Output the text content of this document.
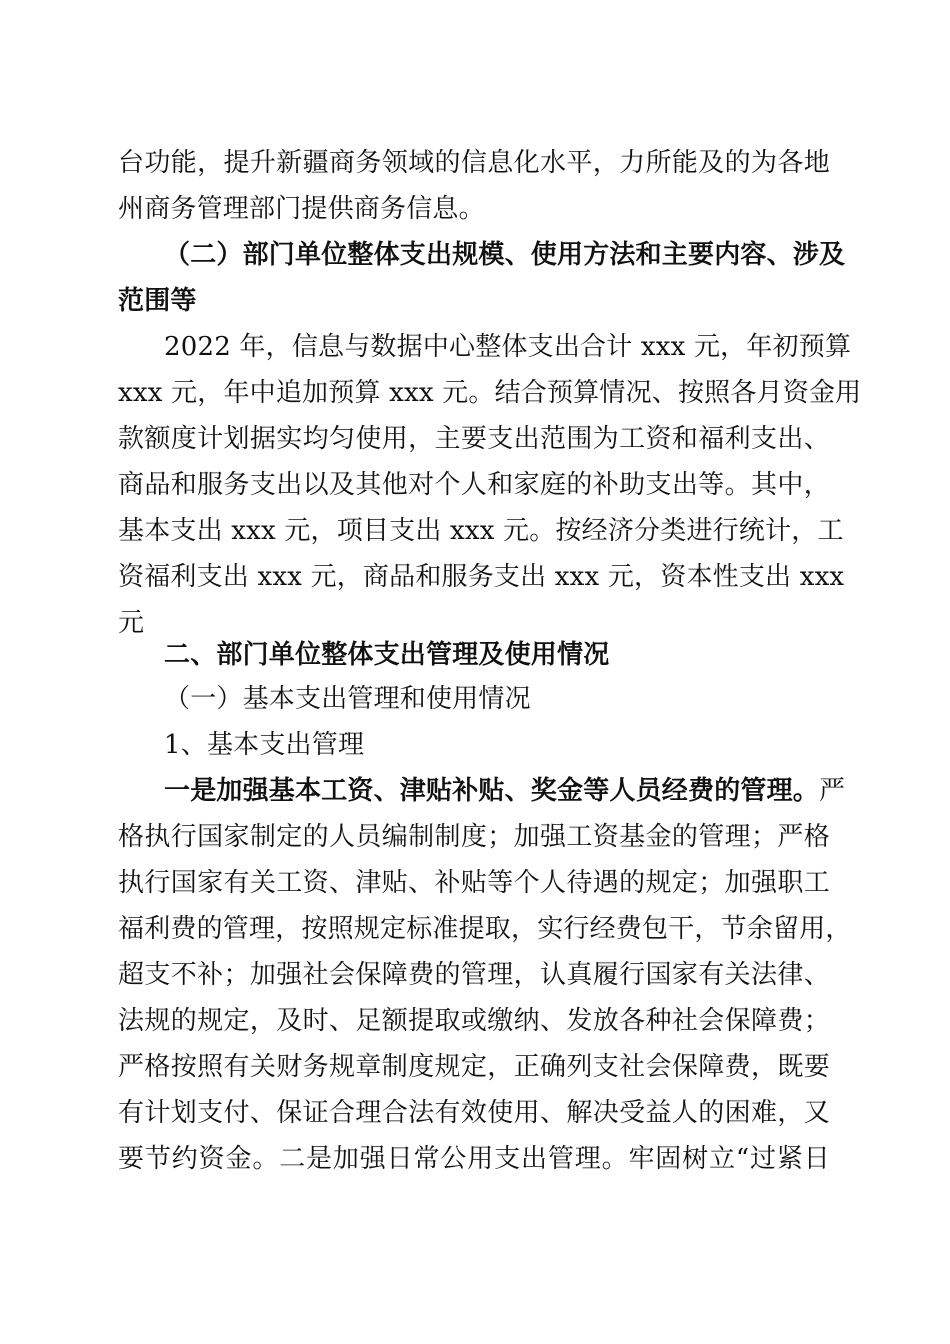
台功能，提升新疆商务领域的信息化水平，力所能及的为各地
州商务管理部门提供商务信息。
（二）部门单位整体支出规模、使用方法和主要内容、涉及
范围等
2022 年，信息与数据中心整体支出合计 xxx 元，年初预算
xxx 元，年中追加预算 xxx 元。结合预算情况、按照各月资金用
款额度计划据实均匀使用，主要支出范围为工资和福利支出、
商品和服务支出以及其他对个人和家庭的补助支出等。其中，
基本支出 xxx 元，项目支出 xxx 元。按经济分类进行统计，工
资福利支出 xxx 元，商品和服务支出 xxx 元，资本性支出 xxx
元
二、部门单位整体支出管理及使用情况
（一）基本支出管理和使用情况
1、基本支出管理
一是加强基本工资、津贴补贴、奖金等人员经费的管理。严
格执行国家制定的人员编制制度；加强工资基金的管理；严格
执行国家有关工资、津贴、补贴等个人待遇的规定；加强职工
福利费的管理，按照规定标准提取，实行经费包干，节余留用，
超支不补；加强社会保障费的管理，认真履行国家有关法律、
法规的规定，及时、足额提取或缴纳、发放各种社会保障费；
严格按照有关财务规章制度规定，正确列支社会保障费，既要
有计划支付、保证合理合法有效使用、解决受益人的困难，又
要节约资金。二是加强日常公用支出管理。牢固树立“过紧日
